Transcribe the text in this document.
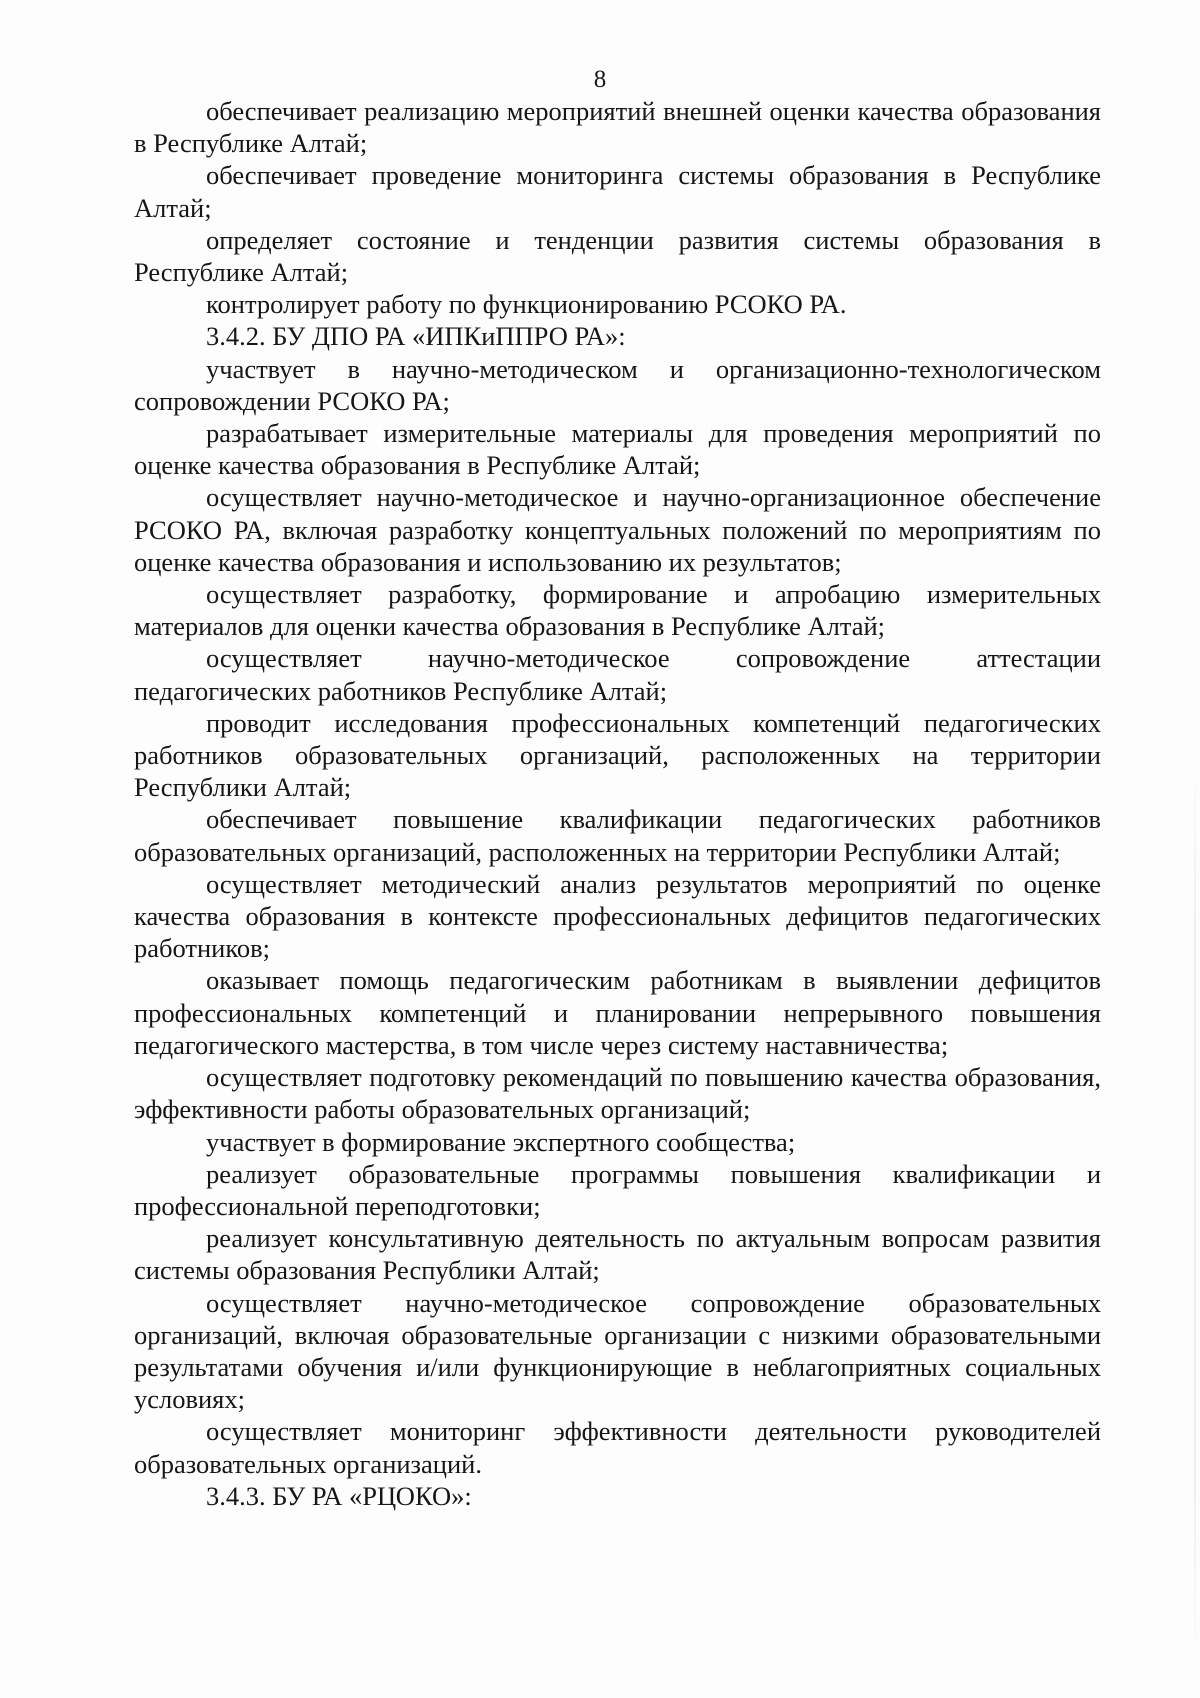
8

обеспечивает реализацию мероприятий внешней оценки качества образования в Республике Алтай;

обеспечивает проведение мониторинга системы образования в Республике Алтай;

определяет состояние и тенденции развития системы образования в Республике Алтай;

контролирует работу по функционированию РСОКО РА.

3.4.2. БУ ДПО РА «ИПКиППРО РА»:

участвует в научно-методическом и организационно-технологическом сопровождении РСОКО РА;

разрабатывает измерительные материалы для проведения мероприятий по оценке качества образования в Республике Алтай;

осуществляет научно-методическое и научно-организационное обеспечение РСОКО РА, включая разработку концептуальных положений по мероприятиям по оценке качества образования и использованию их результатов;

осуществляет разработку, формирование и апробацию измерительных материалов для оценки качества образования в Республике Алтай;

осуществляет научно-методическое сопровождение аттестации педагогических работников Республике Алтай;

проводит исследования профессиональных компетенций педагогических работников образовательных организаций, расположенных на территории Республики Алтай;

обеспечивает повышение квалификации педагогических работников образовательных организаций, расположенных на территории Республики Алтай;

осуществляет методический анализ результатов мероприятий по оценке качества образования в контексте профессиональных дефицитов педагогических работников;

оказывает помощь педагогическим работникам в выявлении дефицитов профессиональных компетенций и планировании непрерывного повышения педагогического мастерства, в том числе через систему наставничества;

осуществляет подготовку рекомендаций по повышению качества образования, эффективности работы образовательных организаций;

участвует в формирование экспертного сообщества;

реализует образовательные программы повышения квалификации и профессиональной переподготовки;

реализует консультативную деятельность по актуальным вопросам развития системы образования Республики Алтай;

осуществляет научно-методическое сопровождение образовательных организаций, включая образовательные организации с низкими образовательными результатами обучения и/или функционирующие в неблагоприятных социальных условиях;

осуществляет мониторинг эффективности деятельности руководителей образовательных организаций.

3.4.3. БУ РА «РЦОКО»:
